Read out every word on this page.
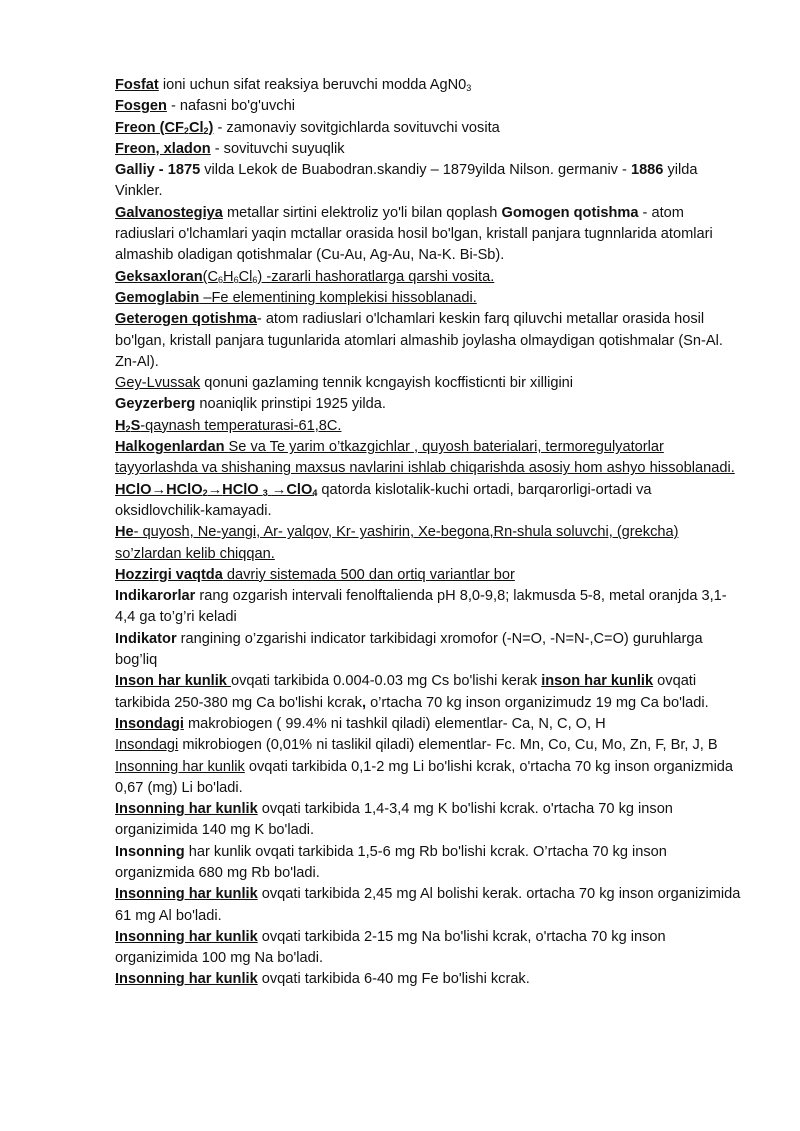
Fosfat ioni uchun sifat reaksiya beruvchi modda $AgN0_3$

Fosgen - nafasni bo'g'uvchi

Freon $(CF_2Cl_2)$ - zamonaviy sovitgichlarda sovituvchi vosita

Freon, xladon - sovituvchi suyuqlik

Galliy - 1875 vilda Lekok de Buabodran.skandiy – 1879yilda Nilson. germaniv - 1886 yilda Vinkler.

Galvanostegiya metallar sirtini elektroliz yo'li bilan qoplash Gomogen qotishma - atom radiuslari o'lchamlari yaqin mctallar orasida hosil bo'lgan, kristall panjara tugnnlarida atomlari almashib oladigan qotishmalar (Cu-Au, Ag-Au, Na-K. Bi-Sb).

$Geksaxloran(C_6H_6Cl_6)$ -zararli hashoratlarga qarshi vosita.

Gemoglabin –Fe elementining komplekisi hissoblanadi.

Geterogen qotishma- atom radiuslari o'lchamlari keskin farq qiluvchi metallar orasida hosil bo'lgan, kristall panjara tugunlarida atomlari almashib joylasha olmaydigan qotishmalar (Sn-Al. Zn-Al).

Gey-Lvussak qonuni gazlaming tennik kcngayish kocffisticnti bir xilligini

Geyzerberg noaniqlik prinstipi 1925 yilda.

$H_2S$-qaynash temperaturasi-61,8C.

Halkogenlardan Se va Te yarim o’tkazgichlar , quyosh baterialari, termoregulyatorlar tayyorlashda va shishaning maxsus navlarini ishlab chiqarishda asosiy hom ashyo hissoblanadi.

HClO→HClO$_2$→HClO $_3$ →ClO$_4$ qatorda kislotalik-kuchi ortadi, barqarorligi-ortadi va oksidlovchilik-kamayadi.

He- quyosh, Ne-yangi, Ar- yalqov, Kr- yashirin, Xe-begona,Rn-shula soluvchi, (grekcha) so’zlardan kelib chiqqan.

Hozzirgi vaqtda davriy sistemada 500 dan ortiq variantlar bor

Indikarorlar rang ozgarish intervali fenolftalienda pH 8,0-9,8; lakmusda 5-8, metal oranjda 3,1-4,4 ga to’g’ri keladi

Indikator rangining o’zgarishi indicator tarkibidagi xromofor (-N=O, -N=N-,C=O) guruhlarga bog’liq

Inson har kunlik ovqati tarkibida 0.004-0.03 mg Cs bo'lishi kerak inson har kunlik ovqati tarkibida 250-380 mg Ca bo'lishi kcrak, o’rtacha 70 kg inson organizimudz 19 mg Ca bo'ladi.

Insondagi makrobiogen ( 99.4% ni tashkil qiladi) elementlar- Ca, N, C, O, H

Insondagi mikrobiogen (0,01% ni taslikil qiladi) elementlar- Fc. Mn, Co, Cu, Mo, Zn, F, Br, J, B

Insonning har kunlik ovqati tarkibida 0,1-2 mg Li bo'lishi kcrak, o'rtacha 70 kg inson organizmida 0,67 (mg) Li bo'ladi.

Insonning har kunlik ovqati tarkibida 1,4-3,4 mg K bo'lishi kcrak. o'rtacha 70 kg inson organizimida 140 mg K bo'ladi.

Insonning har kunlik ovqati tarkibida 1,5-6 mg Rb bo'lishi kcrak. O’rtacha 70 kg inson organizmida 680 mg Rb bo'ladi.

Insonning har kunlik ovqati tarkibida 2,45 mg Al bolishi kerak. ortacha 70 kg inson organizimida 61 mg Al bo'ladi.

Insonning har kunlik ovqati tarkibida 2-15 mg Na bo'lishi kcrak, o'rtacha 70 kg inson organizimida 100 mg Na bo'ladi.

Insonning har kunlik ovqati tarkibida 6-40 mg Fe bo'lishi kcrak.
